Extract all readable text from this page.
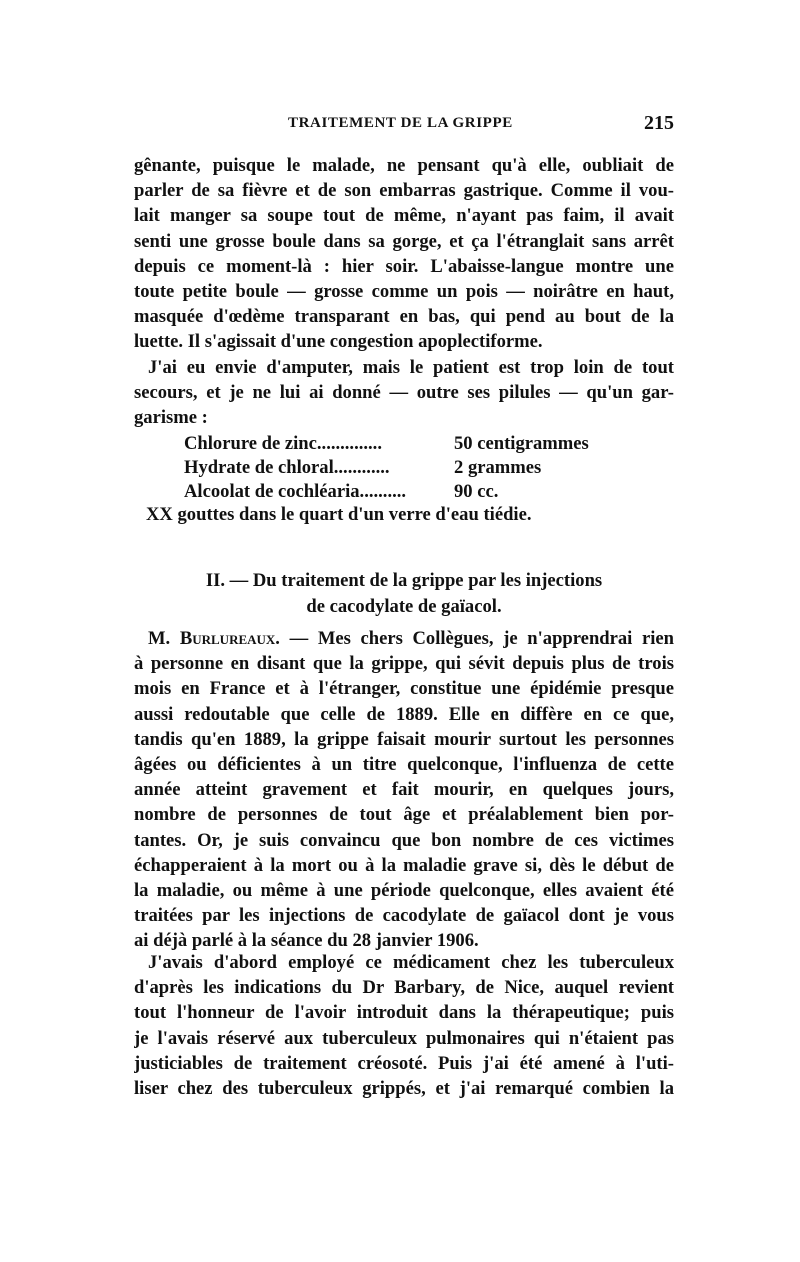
TRAITEMENT DE LA GRIPPE	215
gênante, puisque le malade, ne pensant qu'à elle, oubliait de
parler de sa fièvre et de son embarras gastrique. Comme il vou-
lait manger sa soupe tout de même, n'ayant pas faim, il avait
senti une grosse boule dans sa gorge, et ça l'étranglait sans arrêt
depuis ce moment-là : hier soir. L'abaisse-langue montre une
toute petite boule — grosse comme un pois — noirâtre en haut,
masquée d'œdème transparant en bas, qui pend au bout de la
luette. Il s'agissait d'une congestion apoplectiforme.
J'ai eu envie d'amputer, mais le patient est trop loin de tout
secours, et je ne lui ai donné — outre ses pilules — qu'un gar-
garisme :
Chlorure de zinc..............	50 centigrammes
Hydrate de chloral............	2 grammes
Alcoolat de cochléaria..........	90 cc.
XX gouttes dans le quart d'un verre d'eau tiédie.
II. — Du traitement de la grippe par les injections
de cacodylate de gaïacol.
M. Burlureaux. — Mes chers Collègues, je n'apprendrai rien
à personne en disant que la grippe, qui sévit depuis plus de trois
mois en France et à l'étranger, constitue une épidémie presque
aussi redoutable que celle de 1889. Elle en diffère en ce que,
tandis qu'en 1889, la grippe faisait mourir surtout les personnes
âgées ou déficientes à un titre quelconque, l'influenza de cette
année atteint gravement et fait mourir, en quelques jours,
nombre de personnes de tout âge et préalablement bien por-
tantes. Or, je suis convaincu que bon nombre de ces victimes
échapperaient à la mort ou à la maladie grave si, dès le début de
la maladie, ou même à une période quelconque, elles avaient été
traitées par les injections de cacodylate de gaïacol dont je vous
ai déjà parlé à la séance du 28 janvier 1906.
J'avais d'abord employé ce médicament chez les tuberculeux
d'après les indications du Dr Barbary, de Nice, auquel revient
tout l'honneur de l'avoir introduit dans la thérapeutique; puis
je l'avais réservé aux tuberculeux pulmonaires qui n'étaient pas
justiciables de traitement créosoté. Puis j'ai été amené à l'uti-
liser chez des tuberculeux grippés, et j'ai remarqué combien la
